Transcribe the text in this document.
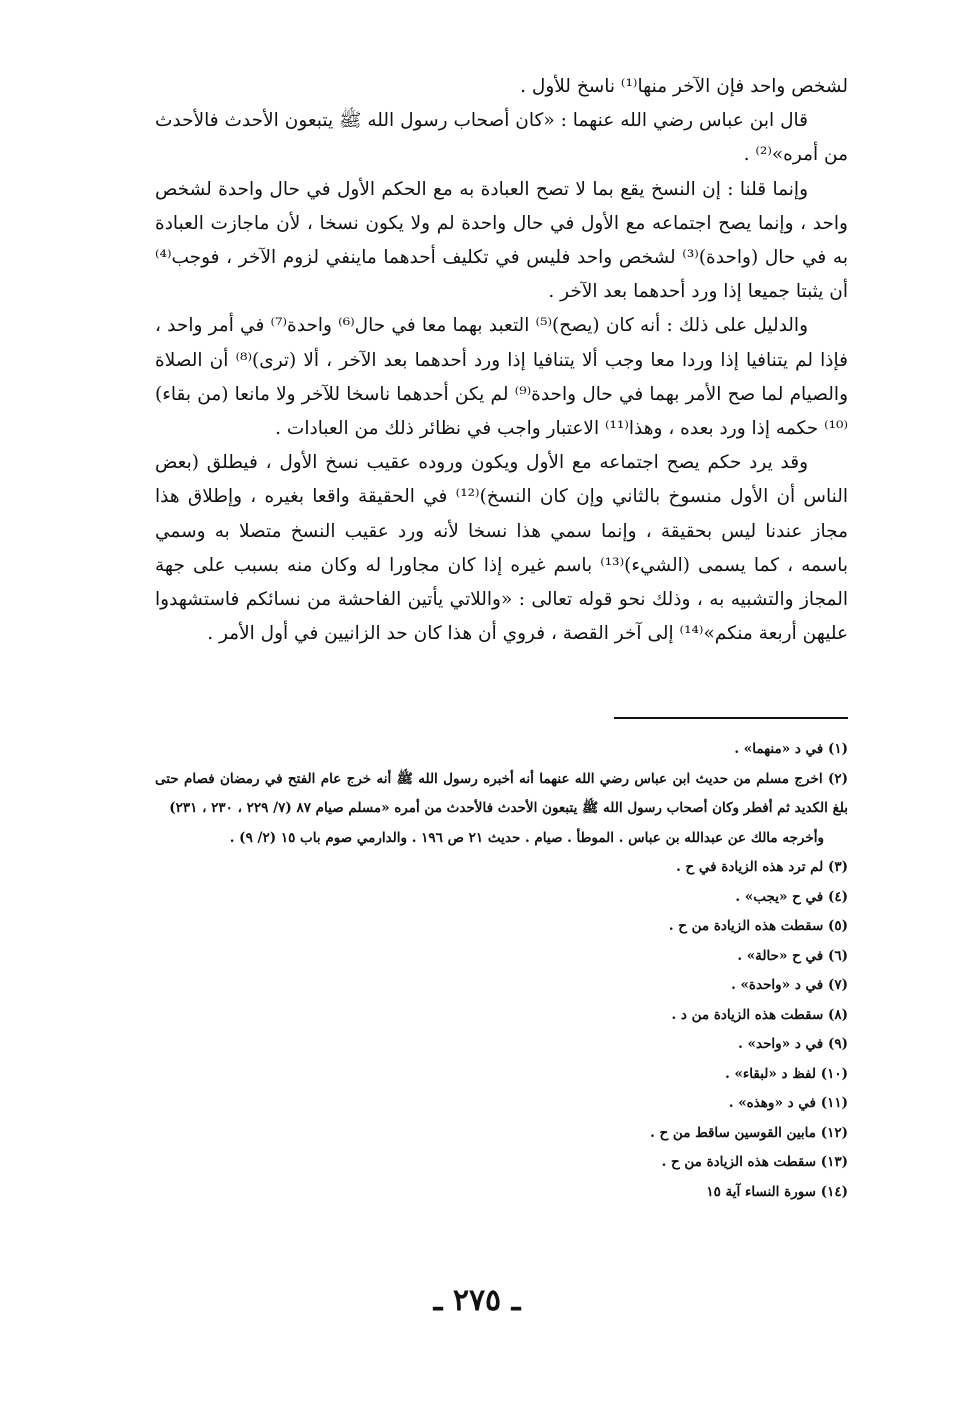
لشخص واحد فإن الآخر منها⁽¹⁾ ناسخ للأول .

قال ابن عباس رضي الله عنهما : «كان أصحاب رسول الله ﷺ يتبعون الأحدث فالأحدث من أمره»⁽²⁾ .

وإنما قلنا : إن النسخ يقع بما لا تصح العبادة به مع الحكم الأول في حال واحدة لشخص واحد ، وإنما يصح اجتماعه مع الأول في حال واحدة لم ولا يكون نسخا ، لأن ماجازت العبادة به في حال (واحدة)⁽³⁾ لشخص واحد فليس في تكليف أحدهما ماينفي لزوم الآخر ، فوجب⁽⁴⁾ أن يثبتا جميعا إذا ورد أحدهما بعد الآخر .

والدليل على ذلك : أنه كان (يصح)⁽⁵⁾ التعبد بهما معا في حال⁽⁶⁾ واحدة⁽⁷⁾ في أمر واحد ، فإذا لم يتنافيا إذا وردا معا وجب ألا يتنافيا إذا ورد أحدهما بعد الآخر ، ألا (ترى)⁽⁸⁾ أن الصلاة والصيام لما صح الأمر بهما في حال واحدة⁽⁹⁾ لم يكن أحدهما ناسخا للآخر ولا مانعا (من بقاء)⁽¹⁰⁾ حكمه إذا ورد بعده ، وهذا⁽¹¹⁾ الاعتبار واجب في نظائر ذلك من العبادات .

وقد يرد حكم يصح اجتماعه مع الأول ويكون وروده عقيب نسخ الأول ، فيطلق (بعض الناس أن الأول منسوخ بالثاني وإن كان النسخ)⁽¹²⁾ في الحقيقة واقعا بغيره ، وإطلاق هذا مجاز عندنا ليس بحقيقة ، وإنما سمي هذا نسخا لأنه ورد عقيب النسخ متصلا به وسمي باسمه ، كما يسمى (الشيء)⁽¹³⁾ باسم غيره إذا كان مجاورا له وكان منه بسبب على جهة المجاز والتشبيه به ، وذلك نحو قوله تعالى : «واللاتي يأتين الفاحشة من نسائكم فاستشهدوا عليهن أربعة منكم»⁽¹⁴⁾ إلى آخر القصة ، فروي أن هذا كان حد الزانيين في أول الأمر .

(١) في د «منهما» .
(٢) اخرج مسلم من حديث ابن عباس رضي الله عنهما أنه أخبره رسول الله ﷺ أنه خرج عام الفتح في رمضان فصام حتى بلغ الكديد ثم أفطر وكان أصحاب رسول الله ﷺ يتبعون الأحدث فالأحدث من أمره «مسلم صيام ٨٧ (٧/ ٢٢٩ ، ٢٣٠ ، ٢٣١)
وأخرجه مالك عن عبدالله بن عباس . الموطأ . صيام . حديث ٢١ ص ١٩٦ . والدارمي صوم باب ١٥ (٢/ ٩) .
(٣) لم ترد هذه الزيادة في ح .
(٤) في ح «يجب» .
(٥) سقطت هذه الزيادة من ح .
(٦) في ح «حالة» .
(٧) في د «واحدة» .
(٨) سقطت هذه الزيادة من د .
(٩) في د «واحد» .
(١٠) لفظ د «لبقاء» .
(١١) في د «وهذه» .
(١٢) مابين القوسين ساقط من ح .
(١٣) سقطت هذه الزيادة من ح .
(١٤) سورة النساء آية ١٥
ـ ٢٧٥ ـ
